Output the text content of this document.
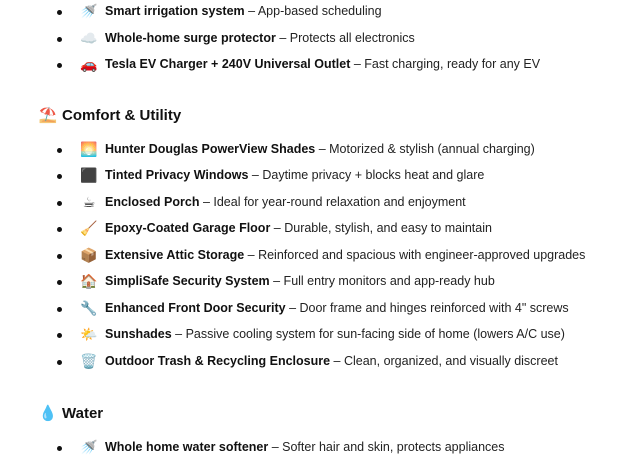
🚿 Smart irrigation system – App-based scheduling
☁️ Whole-home surge protector – Protects all electronics
🚗 Tesla EV Charger + 240V Universal Outlet – Fast charging, ready for any EV
⛱️ Comfort & Utility
🌅 Hunter Douglas PowerView Shades – Motorized & stylish (annual charging)
⬛ Tinted Privacy Windows – Daytime privacy + blocks heat and glare
☕ Enclosed Porch – Ideal for year-round relaxation and enjoyment
🧹 Epoxy-Coated Garage Floor – Durable, stylish, and easy to maintain
📦 Extensive Attic Storage – Reinforced and spacious with engineer-approved upgrades
🏠 SimpliSafe Security System – Full entry monitors and app-ready hub
🔧 Enhanced Front Door Security – Door frame and hinges reinforced with 4" screws
🌤️ Sunshades – Passive cooling system for sun-facing side of home (lowers A/C use)
🗑️ Outdoor Trash & Recycling Enclosure – Clean, organized, and visually discreet
💧 Water
🚿 Whole home water softener – Softer hair and skin, protects appliances
